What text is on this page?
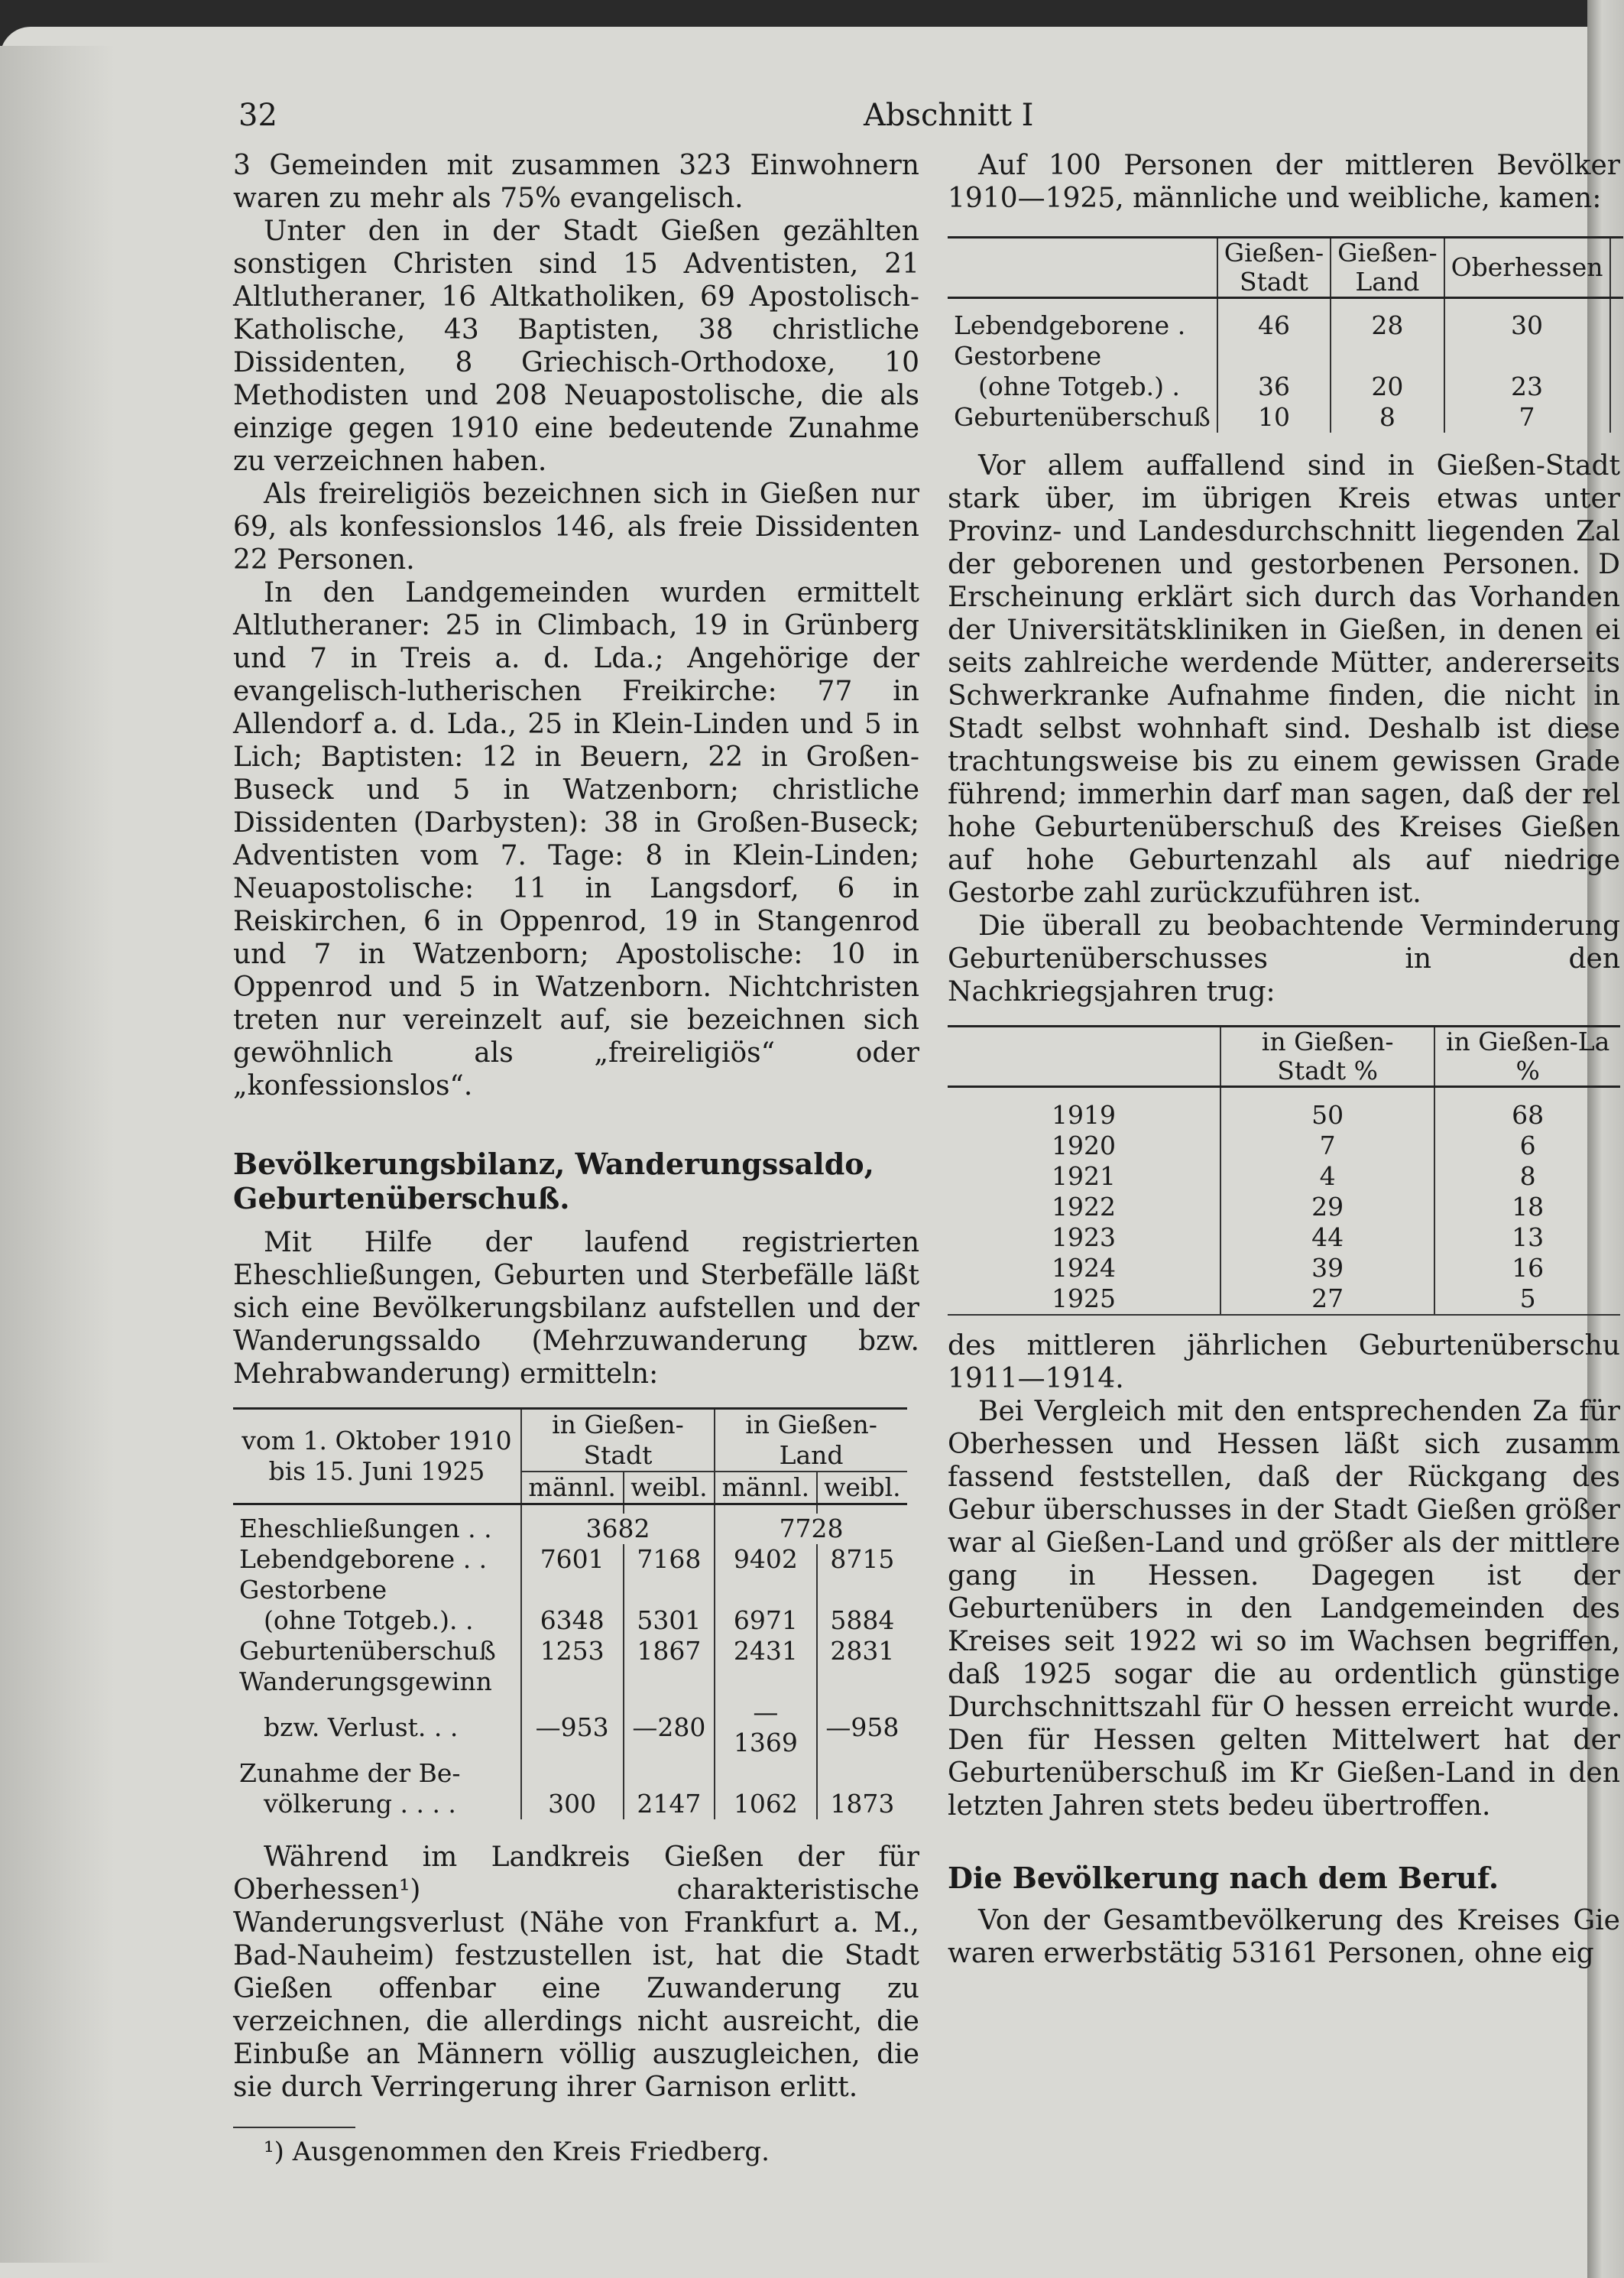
32	Abschnitt I

3 Gemeinden mit zusammen 323 Einwohnern waren zu mehr als 75% evangelisch.

Unter den in der Stadt Gießen gezählten sonstigen Christen sind 15 Adventisten, 21 Altlutheraner, 16 Altkatholiken, 69 Apostolisch-Katholische, 43 Baptisten, 38 christliche Dissidenten, 8 Griechisch-Orthodoxe, 10 Methodisten und 208 Neuapostolische, die als einzige gegen 1910 eine bedeutende Zunahme zu verzeichnen haben.

Als freireligiös bezeichnen sich in Gießen nur 69, als konfessionslos 146, als freie Dissidenten 22 Personen.

In den Landgemeinden wurden ermittelt Altlutheraner: 25 in Climbach, 19 in Grünberg und 7 in Treis a. d. Lda.; Angehörige der evangelisch-lutherischen Freikirche: 77 in Allendorf a. d. Lda., 25 in Klein-Linden und 5 in Lich; Baptisten: 12 in Beuern, 22 in Großen-Buseck und 5 in Watzenborn; christliche Dissidenten (Darbysten): 38 in Großen-Buseck; Adventisten vom 7. Tage: 8 in Klein-Linden; Neuapostolische: 11 in Langsdorf, 6 in Reiskirchen, 6 in Oppenrod, 19 in Stangenrod und 7 in Watzenborn; Apostolische: 10 in Oppenrod und 5 in Watzenborn. Nichtchristen treten nur vereinzelt auf, sie bezeichnen sich gewöhnlich als „freireligiös“ oder „konfessionslos“.

Bevölkerungsbilanz, Wanderungssaldo,

Geburtenüberschuß.

Mit Hilfe der laufend registrierten Eheschließungen, Geburten und Sterbefälle läßt sich eine Bevölkerungsbilanz aufstellen und der Wanderungssaldo (Mehrzuwanderung bzw. Mehrabwanderung) ermitteln:

vom 1. Oktober 1910 bis 15. Juni 1925	in Gießen-Stadt		in Gießen-Land	
	männl.	weibl.	männl.	weibl.

Eheschließungen . .	3682		7728	
Lebendgeborene . .	7601	7168	9402	8715
Gestorbene				
(ohne Totgeb.). .	6348	5301	6971	5884
Geburtenüberschuß	1253	1867	2431	2831
Wanderungsgewinn				
bzw. Verlust. . .	—953	—280	—1369	—958
Zunahme der Be-				
völkerung . . . .	300	2147	1062	1873

Während im Landkreis Gießen der für Oberhessen¹) charakteristische Wanderungsverlust (Nähe von Frankfurt a. M., Bad-Nauheim) festzustellen ist, hat die Stadt Gießen offenbar eine Zuwanderung zu verzeichnen, die allerdings nicht ausreicht, die Einbuße an Männern völlig auszugleichen, die sie durch Verringerung ihrer Garnison erlitt.

¹) Ausgenommen den Kreis Friedberg.

Auf 100 Personen der mittleren Bevölker 1910—1925, männliche und weibliche, kamen:

	Gießen-Stadt	Gießen-Land	Oberhessen	

Lebendgeborene .	46	28	30	
Gestorbene				
(ohne Totgeb.) .	36	20	23	
Geburtenüberschuß	10	8	7	

Vor allem auffallend sind in Gießen-Stadt stark über, im übrigen Kreis etwas unter Provinz- und Landesdurchschnitt liegenden Zal der geborenen und gestorbenen Personen. D Erscheinung erklärt sich durch das Vorhanden der Universitätskliniken in Gießen, in denen ei seits zahlreiche werdende Mütter, andererseits Schwerkranke Aufnahme finden, die nicht in Stadt selbst wohnhaft sind. Deshalb ist diese trachtungsweise bis zu einem gewissen Grade führend; immerhin darf man sagen, daß der rel hohe Geburtenüberschuß des Kreises Gießen auf hohe Geburtenzahl als auf niedrige Gestorbe zahl zurückzuführen ist.

Die überall zu beobachtende Verminderung Geburtenüberschusses in den Nachkriegsjahren trug:

	in Gießen-Stadt %	in Gießen-La %

1919	50	68
1920	7	6
1921	4	8
1922	29	18
1923	44	13
1924	39	16
1925	27	5

des mittleren jährlichen Geburtenüberschu 1911—1914.

Bei Vergleich mit den entsprechenden Za für Oberhessen und Hessen läßt sich zusamm fassend feststellen, daß der Rückgang des Gebur überschusses in der Stadt Gießen größer war al Gießen-Land und größer als der mittlere gang in Hessen. Dagegen ist der Geburtenübers in den Landgemeinden des Kreises seit 1922 wi so im Wachsen begriffen, daß 1925 sogar die au ordentlich günstige Durchschnittszahl für O hessen erreicht wurde. Den für Hessen gelten Mittelwert hat der Geburtenüberschuß im Kr Gießen-Land in den letzten Jahren stets bedeu übertroffen.

Die Bevölkerung nach dem Beruf.

Von der Gesamtbevölkerung des Kreises Gie waren erwerbstätig 53161 Personen, ohne eig
